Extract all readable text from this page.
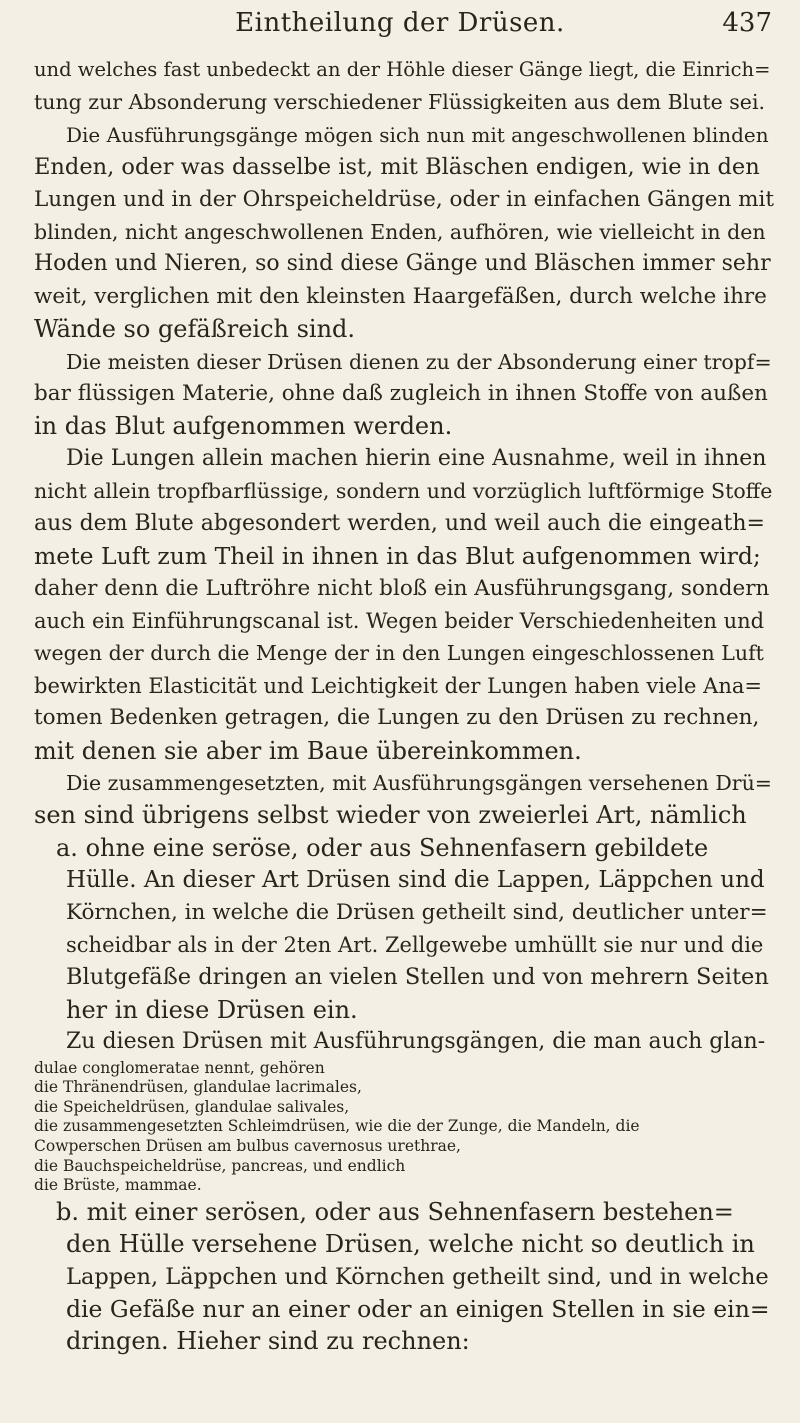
Eintheilung der Drüsen.	437
und welches fast unbedeckt an der Höhle dieser Gänge liegt, die Einrich=
tung zur Absonderung verschiedener Flüssigkeiten aus dem Blute sei.
Die Ausführungsgänge mögen sich nun mit angeschwollenen blinden
Enden, oder was dasselbe ist, mit Bläschen endigen, wie in den
Lungen und in der Ohrspeicheldrüse, oder in einfachen Gängen mit
blinden, nicht angeschwollenen Enden, aufhören, wie vielleicht in den
Hoden und Nieren, so sind diese Gänge und Bläschen immer sehr
weit, verglichen mit den kleinsten Haargefäßen, durch welche ihre
Wände so gefäßreich sind.
Die meisten dieser Drüsen dienen zu der Absonderung einer tropf=
bar flüssigen Materie, ohne daß zugleich in ihnen Stoffe von außen
in das Blut aufgenommen werden.
Die Lungen allein machen hierin eine Ausnahme, weil in ihnen
nicht allein tropfbarflüssige, sondern und vorzüglich luftförmige Stoffe
aus dem Blute abgesondert werden, und weil auch die eingeath=
mete Luft zum Theil in ihnen in das Blut aufgenommen wird;
daher denn die Luftröhre nicht bloß ein Ausführungsgang, sondern
auch ein Einführungscanal ist. Wegen beider Verschiedenheiten und
wegen der durch die Menge der in den Lungen eingeschlossenen Luft
bewirkten Elasticität und Leichtigkeit der Lungen haben viele Ana=
tomen Bedenken getragen, die Lungen zu den Drüsen zu rechnen,
mit denen sie aber im Baue übereinkommen.
Die zusammengesetzten, mit Ausführungsgängen versehenen Drü=
sen sind übrigens selbst wieder von zweierlei Art, nämlich
a. ohne eine seröse, oder aus Sehnenfasern gebildete
Hülle. An dieser Art Drüsen sind die Lappen, Läppchen und
Körnchen, in welche die Drüsen getheilt sind, deutlicher unter=
scheidbar als in der 2ten Art. Zellgewebe umhüllt sie nur und die
Blutgefäße dringen an vielen Stellen und von mehrern Seiten
her in diese Drüsen ein.
Zu diesen Drüsen mit Ausführungsgängen, die man auch glan-
dulae conglomeratae nennt, gehören
die Thränendrüsen, glandulae lacrimales,
die Speicheldrüsen, glandulae salivales,
die zusammengesetzten Schleimdrüsen, wie die der Zunge, die Mandeln, die
Cowperschen Drüsen am bulbus cavernosus urethrae,
die Bauchspeicheldrüse, pancreas, und endlich
die Brüste, mammae.
b. mit einer serösen, oder aus Sehnenfasern bestehen=
den Hülle versehene Drüsen, welche nicht so deutlich in
Lappen, Läppchen und Körnchen getheilt sind, und in welche
die Gefäße nur an einer oder an einigen Stellen in sie ein=
dringen. Hieher sind zu rechnen:
